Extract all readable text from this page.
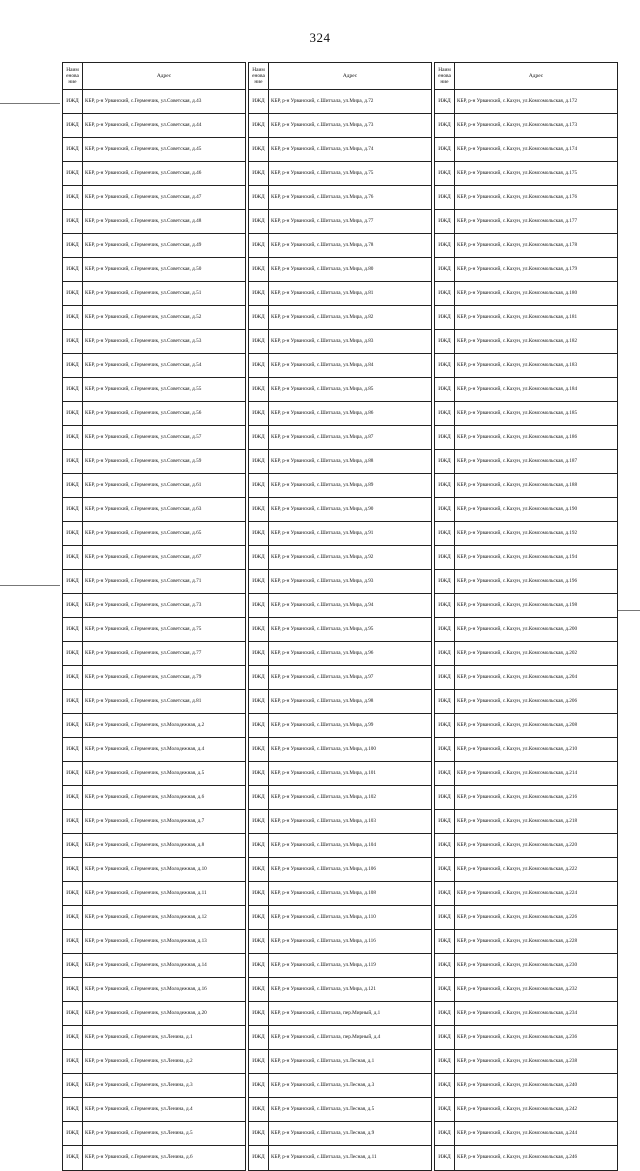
324
Наим енова ние	Адрес		Наим енова ние	Адрес		Наим енова ние	Адрес
ИЖД	КБР, р-н Урванский, с.Герменчик, ул.Советская, д.43		ИЖД	КБР, р-н Урванский, с.Шитхала, ул.Мира, д.72		ИЖД	КБР, р-н Урванский, с.Кахун, ул.Комсомольская, д.172
ИЖД	КБР, р-н Урванский, с.Герменчик, ул.Советская, д.44		ИЖД	КБР, р-н Урванский, с.Шитхала, ул.Мира, д.73		ИЖД	КБР, р-н Урванский, с.Кахун, ул.Комсомольская, д.173
ИЖД	КБР, р-н Урванский, с.Герменчик, ул.Советская, д.45		ИЖД	КБР, р-н Урванский, с.Шитхала, ул.Мира, д.74		ИЖД	КБР, р-н Урванский, с.Кахун, ул.Комсомольская, д.174
ИЖД	КБР, р-н Урванский, с.Герменчик, ул.Советская, д.46		ИЖД	КБР, р-н Урванский, с.Шитхала, ул.Мира, д.75		ИЖД	КБР, р-н Урванский, с.Кахун, ул.Комсомольская, д.175
ИЖД	КБР, р-н Урванский, с.Герменчик, ул.Советская, д.47		ИЖД	КБР, р-н Урванский, с.Шитхала, ул.Мира, д.76		ИЖД	КБР, р-н Урванский, с.Кахун, ул.Комсомольская, д.176
ИЖД	КБР, р-н Урванский, с.Герменчик, ул.Советская, д.48		ИЖД	КБР, р-н Урванский, с.Шитхала, ул.Мира, д.77		ИЖД	КБР, р-н Урванский, с.Кахун, ул.Комсомольская, д.177
ИЖД	КБР, р-н Урванский, с.Герменчик, ул.Советская, д.49		ИЖД	КБР, р-н Урванский, с.Шитхала, ул.Мира, д.78		ИЖД	КБР, р-н Урванский, с.Кахун, ул.Комсомольская, д.178
ИЖД	КБР, р-н Урванский, с.Герменчик, ул.Советская, д.50		ИЖД	КБР, р-н Урванский, с.Шитхала, ул.Мира, д.80		ИЖД	КБР, р-н Урванский, с.Кахун, ул.Комсомольская, д.179
ИЖД	КБР, р-н Урванский, с.Герменчик, ул.Советская, д.51		ИЖД	КБР, р-н Урванский, с.Шитхала, ул.Мира, д.81		ИЖД	КБР, р-н Урванский, с.Кахун, ул.Комсомольская, д.180
ИЖД	КБР, р-н Урванский, с.Герменчик, ул.Советская, д.52		ИЖД	КБР, р-н Урванский, с.Шитхала, ул.Мира, д.82		ИЖД	КБР, р-н Урванский, с.Кахун, ул.Комсомольская, д.181
ИЖД	КБР, р-н Урванский, с.Герменчик, ул.Советская, д.53		ИЖД	КБР, р-н Урванский, с.Шитхала, ул.Мира, д.83		ИЖД	КБР, р-н Урванский, с.Кахун, ул.Комсомольская, д.182
ИЖД	КБР, р-н Урванский, с.Герменчик, ул.Советская, д.54		ИЖД	КБР, р-н Урванский, с.Шитхала, ул.Мира, д.84		ИЖД	КБР, р-н Урванский, с.Кахун, ул.Комсомольская, д.183
ИЖД	КБР, р-н Урванский, с.Герменчик, ул.Советская, д.55		ИЖД	КБР, р-н Урванский, с.Шитхала, ул.Мира, д.85		ИЖД	КБР, р-н Урванский, с.Кахун, ул.Комсомольская, д.184
ИЖД	КБР, р-н Урванский, с.Герменчик, ул.Советская, д.56		ИЖД	КБР, р-н Урванский, с.Шитхала, ул.Мира, д.86		ИЖД	КБР, р-н Урванский, с.Кахун, ул.Комсомольская, д.185
ИЖД	КБР, р-н Урванский, с.Герменчик, ул.Советская, д.57		ИЖД	КБР, р-н Урванский, с.Шитхала, ул.Мира, д.87		ИЖД	КБР, р-н Урванский, с.Кахун, ул.Комсомольская, д.186
ИЖД	КБР, р-н Урванский, с.Герменчик, ул.Советская, д.59		ИЖД	КБР, р-н Урванский, с.Шитхала, ул.Мира, д.88		ИЖД	КБР, р-н Урванский, с.Кахун, ул.Комсомольская, д.187
ИЖД	КБР, р-н Урванский, с.Герменчик, ул.Советская, д.61		ИЖД	КБР, р-н Урванский, с.Шитхала, ул.Мира, д.89		ИЖД	КБР, р-н Урванский, с.Кахун, ул.Комсомольская, д.188
ИЖД	КБР, р-н Урванский, с.Герменчик, ул.Советская, д.63		ИЖД	КБР, р-н Урванский, с.Шитхала, ул.Мира, д.90		ИЖД	КБР, р-н Урванский, с.Кахун, ул.Комсомольская, д.190
ИЖД	КБР, р-н Урванский, с.Герменчик, ул.Советская, д.65		ИЖД	КБР, р-н Урванский, с.Шитхала, ул.Мира, д.91		ИЖД	КБР, р-н Урванский, с.Кахун, ул.Комсомольская, д.192
ИЖД	КБР, р-н Урванский, с.Герменчик, ул.Советская, д.67		ИЖД	КБР, р-н Урванский, с.Шитхала, ул.Мира, д.92		ИЖД	КБР, р-н Урванский, с.Кахун, ул.Комсомольская, д.194
ИЖД	КБР, р-н Урванский, с.Герменчик, ул.Советская, д.71		ИЖД	КБР, р-н Урванский, с.Шитхала, ул.Мира, д.93		ИЖД	КБР, р-н Урванский, с.Кахун, ул.Комсомольская, д.196
ИЖД	КБР, р-н Урванский, с.Герменчик, ул.Советская, д.73		ИЖД	КБР, р-н Урванский, с.Шитхала, ул.Мира, д.94		ИЖД	КБР, р-н Урванский, с.Кахун, ул.Комсомольская, д.198
ИЖД	КБР, р-н Урванский, с.Герменчик, ул.Советская, д.75		ИЖД	КБР, р-н Урванский, с.Шитхала, ул.Мира, д.95		ИЖД	КБР, р-н Урванский, с.Кахун, ул.Комсомольская, д.200
ИЖД	КБР, р-н Урванский, с.Герменчик, ул.Советская, д.77		ИЖД	КБР, р-н Урванский, с.Шитхала, ул.Мира, д.96		ИЖД	КБР, р-н Урванский, с.Кахун, ул.Комсомольская, д.202
ИЖД	КБР, р-н Урванский, с.Герменчик, ул.Советская, д.79		ИЖД	КБР, р-н Урванский, с.Шитхала, ул.Мира, д.97		ИЖД	КБР, р-н Урванский, с.Кахун, ул.Комсомольская, д.204
ИЖД	КБР, р-н Урванский, с.Герменчик, ул.Советская, д.81		ИЖД	КБР, р-н Урванский, с.Шитхала, ул.Мира, д.98		ИЖД	КБР, р-н Урванский, с.Кахун, ул.Комсомольская, д.206
ИЖД	КБР, р-н Урванский, с.Герменчик, ул.Молодежная, д.2		ИЖД	КБР, р-н Урванский, с.Шитхала, ул.Мира, д.99		ИЖД	КБР, р-н Урванский, с.Кахун, ул.Комсомольская, д.208
ИЖД	КБР, р-н Урванский, с.Герменчик, ул.Молодежная, д.4		ИЖД	КБР, р-н Урванский, с.Шитхала, ул.Мира, д.100		ИЖД	КБР, р-н Урванский, с.Кахун, ул.Комсомольская, д.210
ИЖД	КБР, р-н Урванский, с.Герменчик, ул.Молодежная, д.5		ИЖД	КБР, р-н Урванский, с.Шитхала, ул.Мира, д.101		ИЖД	КБР, р-н Урванский, с.Кахун, ул.Комсомольская, д.214
ИЖД	КБР, р-н Урванский, с.Герменчик, ул.Молодежная, д.6		ИЖД	КБР, р-н Урванский, с.Шитхала, ул.Мира, д.102		ИЖД	КБР, р-н Урванский, с.Кахун, ул.Комсомольская, д.216
ИЖД	КБР, р-н Урванский, с.Герменчик, ул.Молодежная, д.7		ИЖД	КБР, р-н Урванский, с.Шитхала, ул.Мира, д.103		ИЖД	КБР, р-н Урванский, с.Кахун, ул.Комсомольская, д.218
ИЖД	КБР, р-н Урванский, с.Герменчик, ул.Молодежная, д.8		ИЖД	КБР, р-н Урванский, с.Шитхала, ул.Мира, д.104		ИЖД	КБР, р-н Урванский, с.Кахун, ул.Комсомольская, д.220
ИЖД	КБР, р-н Урванский, с.Герменчик, ул.Молодежная, д.10		ИЖД	КБР, р-н Урванский, с.Шитхала, ул.Мира, д.106		ИЖД	КБР, р-н Урванский, с.Кахун, ул.Комсомольская, д.222
ИЖД	КБР, р-н Урванский, с.Герменчик, ул.Молодежная, д.11		ИЖД	КБР, р-н Урванский, с.Шитхала, ул.Мира, д.108		ИЖД	КБР, р-н Урванский, с.Кахун, ул.Комсомольская, д.224
ИЖД	КБР, р-н Урванский, с.Герменчик, ул.Молодежная, д.12		ИЖД	КБР, р-н Урванский, с.Шитхала, ул.Мира, д.110		ИЖД	КБР, р-н Урванский, с.Кахун, ул.Комсомольская, д.226
ИЖД	КБР, р-н Урванский, с.Герменчик, ул.Молодежная, д.13		ИЖД	КБР, р-н Урванский, с.Шитхала, ул.Мира, д.116		ИЖД	КБР, р-н Урванский, с.Кахун, ул.Комсомольская, д.228
ИЖД	КБР, р-н Урванский, с.Герменчик, ул.Молодежная, д.14		ИЖД	КБР, р-н Урванский, с.Шитхала, ул.Мира, д.119		ИЖД	КБР, р-н Урванский, с.Кахун, ул.Комсомольская, д.230
ИЖД	КБР, р-н Урванский, с.Герменчик, ул.Молодежная, д.16		ИЖД	КБР, р-н Урванский, с.Шитхала, ул.Мира, д.121		ИЖД	КБР, р-н Урванский, с.Кахун, ул.Комсомольская, д.232
ИЖД	КБР, р-н Урванский, с.Герменчик, ул.Молодежная, д.20		ИЖД	КБР, р-н Урванский, с.Шитхала, пер.Мирный, д.1		ИЖД	КБР, р-н Урванский, с.Кахун, ул.Комсомольская, д.234
ИЖД	КБР, р-н Урванский, с.Герменчик, ул.Ленина, д.1		ИЖД	КБР, р-н Урванский, с.Шитхала, пер.Мирный, д.4		ИЖД	КБР, р-н Урванский, с.Кахун, ул.Комсомольская, д.236
ИЖД	КБР, р-н Урванский, с.Герменчик, ул.Ленина, д.2		ИЖД	КБР, р-н Урванский, с.Шитхала, ул.Лесная, д.1		ИЖД	КБР, р-н Урванский, с.Кахун, ул.Комсомольская, д.238
ИЖД	КБР, р-н Урванский, с.Герменчик, ул.Ленина, д.3		ИЖД	КБР, р-н Урванский, с.Шитхала, ул.Лесная, д.3		ИЖД	КБР, р-н Урванский, с.Кахун, ул.Комсомольская, д.240
ИЖД	КБР, р-н Урванский, с.Герменчик, ул.Ленина, д.4		ИЖД	КБР, р-н Урванский, с.Шитхала, ул.Лесная, д.5		ИЖД	КБР, р-н Урванский, с.Кахун, ул.Комсомольская, д.242
ИЖД	КБР, р-н Урванский, с.Герменчик, ул.Ленина, д.5		ИЖД	КБР, р-н Урванский, с.Шитхала, ул.Лесная, д.9		ИЖД	КБР, р-н Урванский, с.Кахун, ул.Комсомольская, д.244
ИЖД	КБР, р-н Урванский, с.Герменчик, ул.Ленина, д.6		ИЖД	КБР, р-н Урванский, с.Шитхала, ул.Лесная, д.11		ИЖД	КБР, р-н Урванский, с.Кахун, ул.Комсомольская, д.246
